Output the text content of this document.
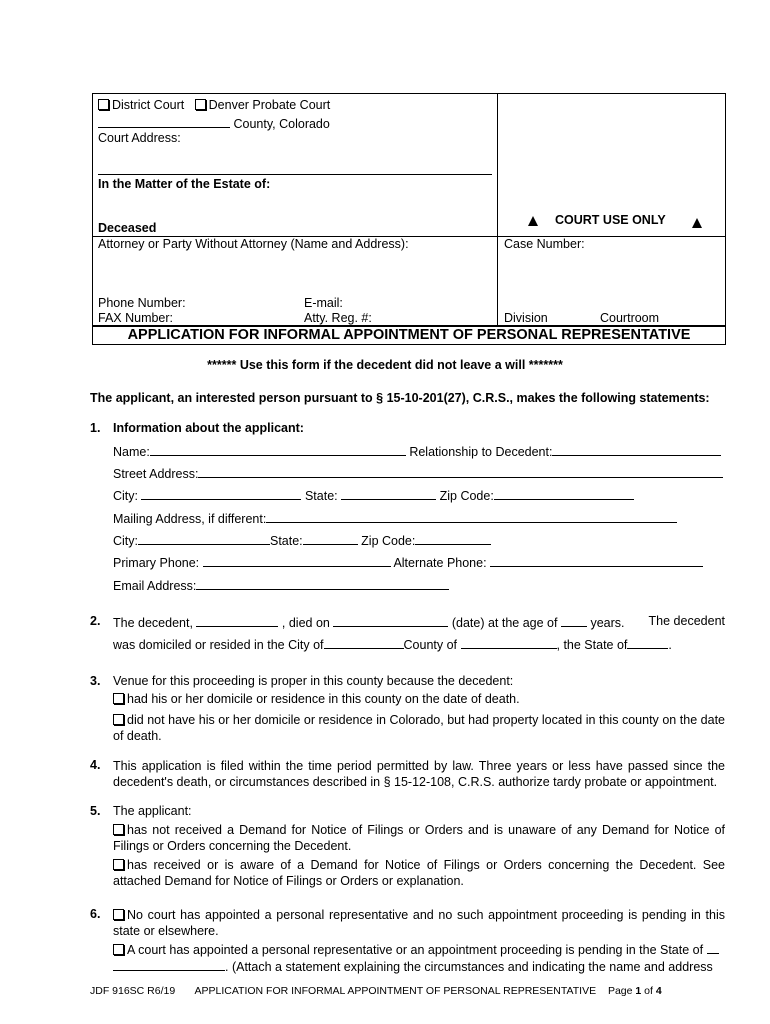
District Court Denver Probate Court
County, Colorado
Court Address:
In the Matter of the Estate of:
Deceased
Attorney or Party Without Attorney (Name and Address):
Phone Number:	E-mail:
FAX Number:	Atty. Reg. #:
COURT USE ONLY
Case Number:
Division	Courtroom
APPLICATION FOR INFORMAL APPOINTMENT OF PERSONAL REPRESENTATIVE
****** Use this form if the decedent did not leave a will *******
The applicant, an interested person pursuant to § 15-10-201(27), C.R.S., makes the following statements:
1. Information about the applicant:
Name:	Relationship to Decedent:
Street Address:
City:	State:	Zip Code:
Mailing Address, if different:
City:	State:	Zip Code:
Primary Phone:	Alternate Phone:
Email Address:
2. The decedent,	, died on	(date) at the age of	years. The decedent
was domiciled or resided in the City of	County of	, the State of	.
3. Venue for this proceeding is proper in this county because the decedent:
had his or her domicile or residence in this county on the date of death.
did not have his or her domicile or residence in Colorado, but had property located in this county on the date of death.
4. This application is filed within the time period permitted by law. Three years or less have passed since the decedent's death, or circumstances described in § 15-12-108, C.R.S. authorize tardy probate or appointment.
5. The applicant:
has not received a Demand for Notice of Filings or Orders and is unaware of any Demand for Notice of Filings or Orders concerning the Decedent.
has received or is aware of a Demand for Notice of Filings or Orders concerning the Decedent. See attached Demand for Notice of Filings or Orders or explanation.
6.	No court has appointed a personal representative and no such appointment proceeding is pending in this state or elsewhere.
A court has appointed a personal representative or an appointment proceeding is pending in the State of
. (Attach a statement explaining the circumstances and indicating the name and address
JDF 916SC R6/19 APPLICATION FOR INFORMAL APPOINTMENT OF PERSONAL REPRESENTATIVE Page 1 of 4
